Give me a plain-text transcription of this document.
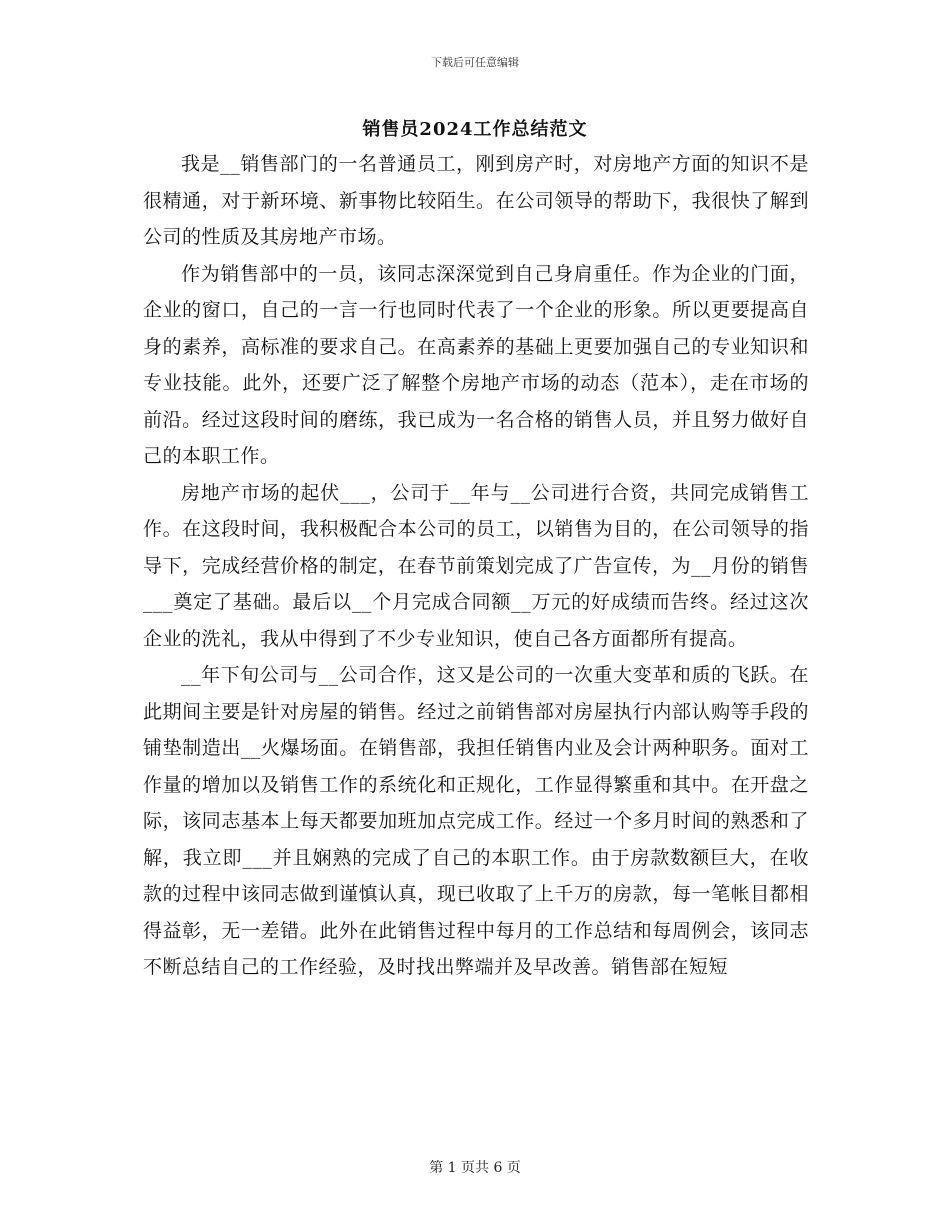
下载后可任意编辑
销售员2024工作总结范文

我是__销售部门的一名普通员工，刚到房产时，对房地产方面的知识不是很精通，对于新环境、新事物比较陌生。在公司领导的帮助下，我很快了解到公司的性质及其房地产市场。

作为销售部中的一员，该同志深深觉到自己身肩重任。作为企业的门面，企业的窗口，自己的一言一行也同时代表了一个企业的形象。所以更要提高自身的素养，高标准的要求自己。在高素养的基础上更要加强自己的专业知识和专业技能。此外，还要广泛了解整个房地产市场的动态（范本），走在市场的前沿。经过这段时间的磨练，我已成为一名合格的销售人员，并且努力做好自己的本职工作。

房地产市场的起伏___，公司于__年与__公司进行合资，共同完成销售工作。在这段时间，我积极配合本公司的员工，以销售为目的，在公司领导的指导下，完成经营价格的制定，在春节前策划完成了广告宣传，为__月份的销售___奠定了基础。最后以__个月完成合同额__万元的好成绩而告终。经过这次企业的洗礼，我从中得到了不少专业知识，使自己各方面都所有提高。

__年下旬公司与__公司合作，这又是公司的一次重大变革和质的飞跃。在此期间主要是针对房屋的销售。经过之前销售部对房屋执行内部认购等手段的铺垫制造出__火爆场面。在销售部，我担任销售内业及会计两种职务。面对工作量的增加以及销售工作的系统化和正规化，工作显得繁重和其中。在开盘之际，该同志基本上每天都要加班加点完成工作。经过一个多月时间的熟悉和了解，我立即___并且娴熟的完成了自己的本职工作。由于房款数额巨大，在收款的过程中该同志做到谨慎认真，现已收取了上千万的房款，每一笔帐目都相得益彰，无一差错。此外在此销售过程中每月的工作总结和每周例会，该同志不断总结自己的工作经验，及时找出弊端并及早改善。销售部在短短

第 1 页共 6 页
